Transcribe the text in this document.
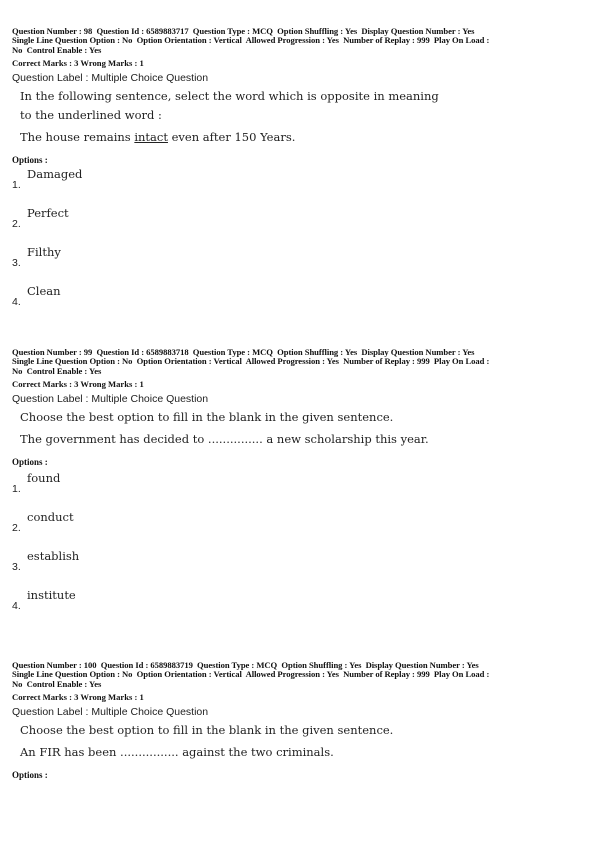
Question Number : 98  Question Id : 6589883717  Question Type : MCQ  Option Shuffling : Yes  Display Question Number : Yes
Single Line Question Option : No  Option Orientation : Vertical  Allowed Progression : Yes  Number of Replay : 999  Play On Load :
No  Control Enable : Yes
Correct Marks : 3 Wrong Marks : 1
Question Label : Multiple Choice Question

In the following sentence, select the word which is opposite in meaning

to the underlined word :

The house remains intact even after 150 Years.

Options :
1.
Damaged
2.
Perfect
3.
Filthy
4.
Clean
Question Number : 99  Question Id : 6589883718  Question Type : MCQ  Option Shuffling : Yes  Display Question Number : Yes
Single Line Question Option : No  Option Orientation : Vertical  Allowed Progression : Yes  Number of Replay : 999  Play On Load :
No  Control Enable : Yes
Correct Marks : 3 Wrong Marks : 1
Question Label : Multiple Choice Question

Choose the best option to fill in the blank in the given sentence.

The government has decided to ............... a new scholarship this year.

Options :
1.
found
2.
conduct
3.
establish
4.
institute
Question Number : 100  Question Id : 6589883719  Question Type : MCQ  Option Shuffling : Yes  Display Question Number : Yes
Single Line Question Option : No  Option Orientation : Vertical  Allowed Progression : Yes  Number of Replay : 999  Play On Load :
No  Control Enable : Yes
Correct Marks : 3 Wrong Marks : 1
Question Label : Multiple Choice Question

Choose the best option to fill in the blank in the given sentence.

An FIR has been ................ against the two criminals.

Options :
